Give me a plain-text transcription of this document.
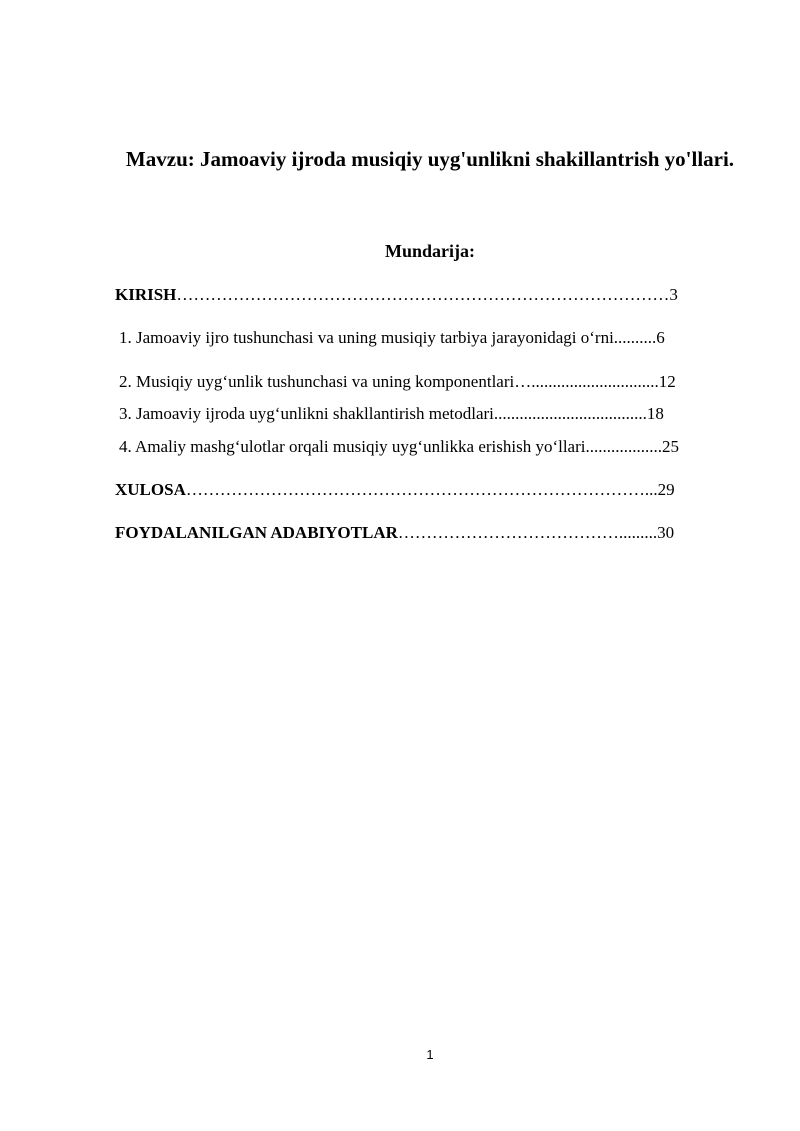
Mavzu: Jamoaviy ijroda musiqiy uyg'unlikni shakillantrish yo'llari.
Mundarija:
KIRISH……………………………………………………………………………3
1. Jamoaviy ijro tushunchasi va uning musiqiy tarbiya jarayonidagi o‘rni..........6
2. Musiqiy uyg‘unlik tushunchasi va uning komponentlari…..............................12
3. Jamoaviy ijroda uyg‘unlikni shakllantirish metodlari....................................18
4. Amaliy mashg‘ulotlar orqali musiqiy uyg‘unlikka erishish yo‘llari..................25
XULOSA………………………………………………………………………...29
FOYDALANILGAN ADABIYOTLAR………………………………….........30
1
